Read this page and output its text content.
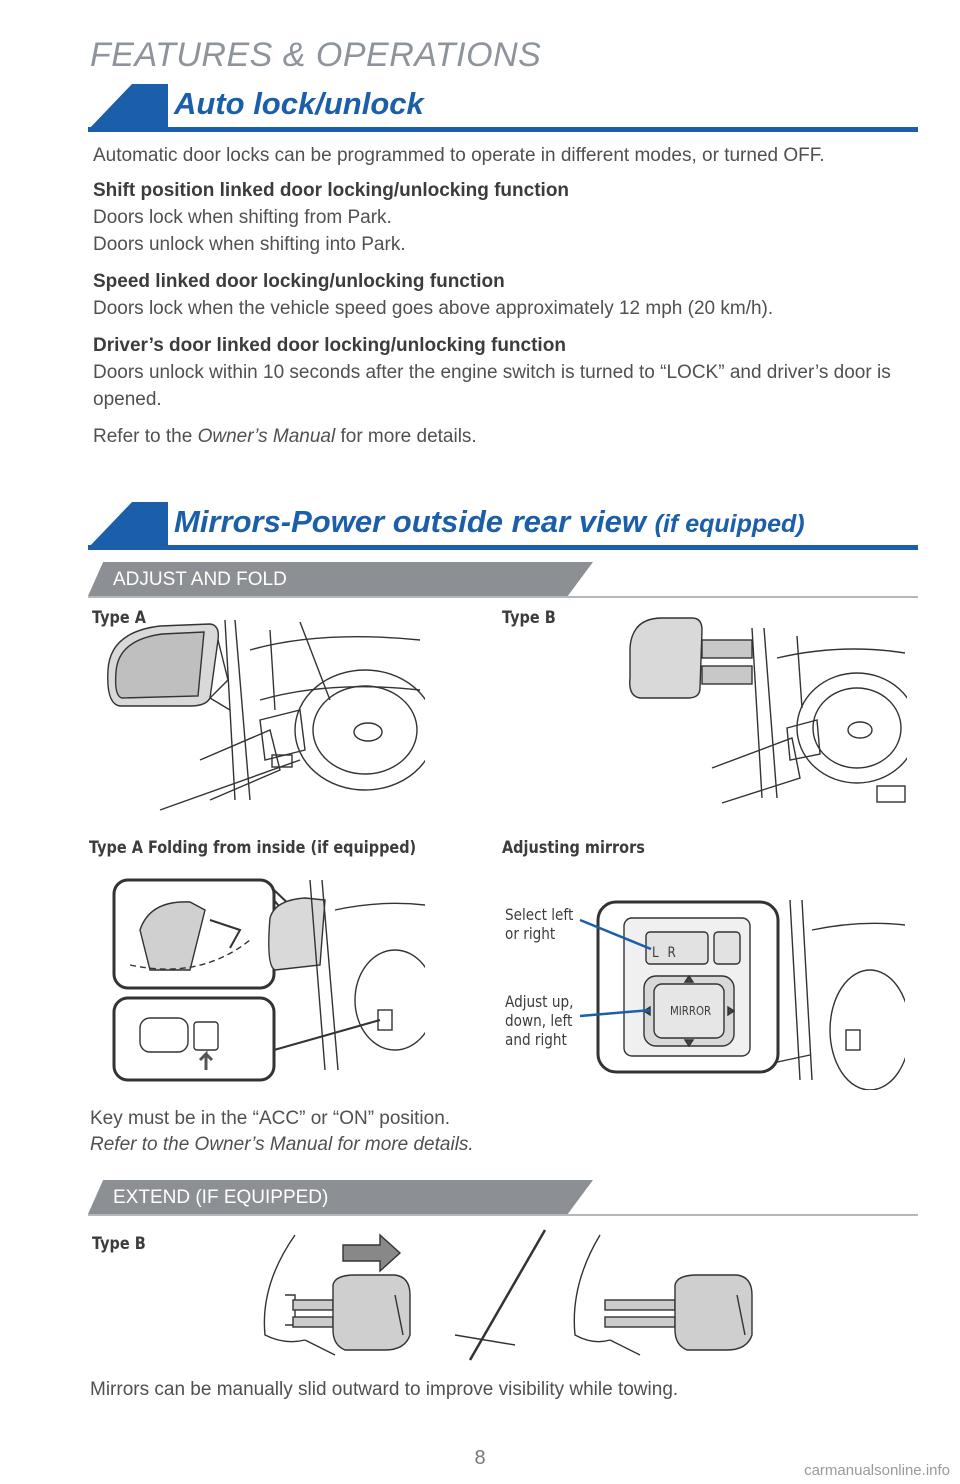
FEATURES & OPERATIONS
Auto lock/unlock

Automatic door locks can be programmed to operate in different modes, or turned OFF.

Shift position linked door locking/unlocking function
Doors lock when shifting from Park.
Doors unlock when shifting into Park.
Speed linked door locking/unlocking function
Doors lock when the vehicle speed goes above approximately 12 mph (20 km/h).
Driver’s door linked door locking/unlocking function
Doors unlock within 10 seconds after the engine switch is turned to “LOCK” and driver’s door is opened.

Refer to the Owner’s Manual for more details.

Mirrors-Power outside rear view (if equipped)
ADJUST AND FOLD
Type A	Type B
Type A Folding from inside (if equipped)	Adjusting mirrors
L R
MIRROR
Select left or right
Adjust up, down, left and right
Key must be in the “ACC” or “ON” position.
Refer to the Owner’s Manual for more details.
EXTEND (IF EQUIPPED)
Type B
Mirrors can be manually slid outward to improve visibility while towing.
8
carmanualsonline.info
